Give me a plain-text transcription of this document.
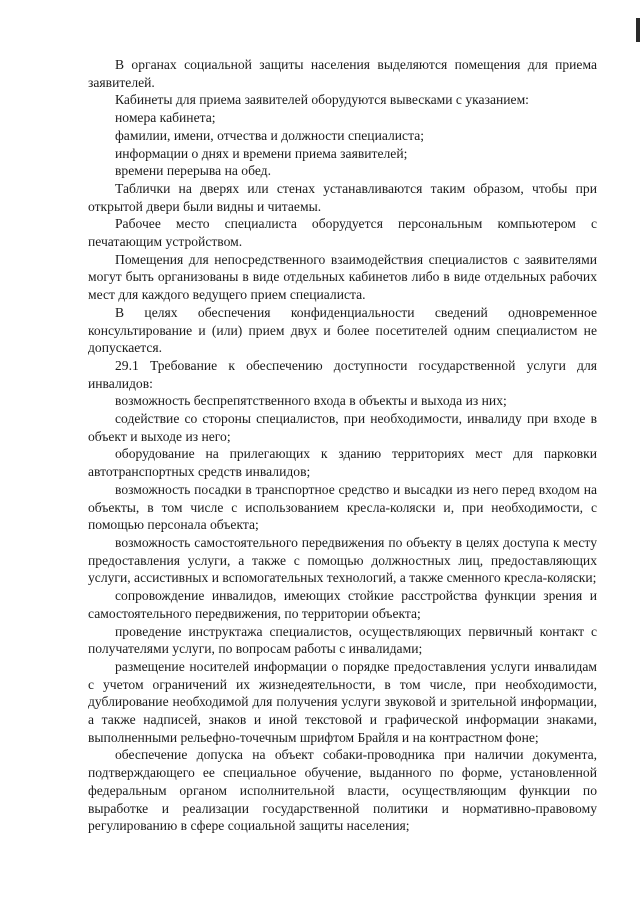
В органах социальной защиты населения выделяются помещения для приема заявителей.

Кабинеты для приема заявителей оборудуются вывесками с указанием:

номера кабинета;

фамилии, имени, отчества и должности специалиста;

информации о днях и времени приема заявителей;

времени перерыва на обед.

Таблички на дверях или стенах устанавливаются таким образом, чтобы при открытой двери были видны и читаемы.

Рабочее место специалиста оборудуется персональным компьютером с печатающим устройством.

Помещения для непосредственного взаимодействия специалистов с заявителями могут быть организованы в виде отдельных кабинетов либо в виде отдельных рабочих мест для каждого ведущего прием специалиста.

В целях обеспечения конфиденциальности сведений одновременное консультирование и (или) прием двух и более посетителей одним специалистом не допускается.

29.1 Требование к обеспечению доступности государственной услуги для инвалидов:

возможность беспрепятственного входа в объекты и выхода из них;

содействие со стороны специалистов, при необходимости, инвалиду при входе в объект и выходе из него;

оборудование на прилегающих к зданию территориях мест для парковки автотранспортных средств инвалидов;

возможность посадки в транспортное средство и высадки из него перед входом на объекты, в том числе с использованием кресла-коляски и, при необходимости, с помощью персонала объекта;

возможность самостоятельного передвижения по объекту в целях доступа к месту предоставления услуги, а также с помощью должностных лиц, предоставляющих услуги, ассистивных и вспомогательных технологий, а также сменного кресла-коляски;

сопровождение инвалидов, имеющих стойкие расстройства функции зрения и самостоятельного передвижения, по территории объекта;

проведение инструктажа специалистов, осуществляющих первичный контакт с получателями услуги, по вопросам работы с инвалидами;

размещение носителей информации о порядке предоставления услуги инвалидам с учетом ограничений их жизнедеятельности, в том числе, при необходимости, дублирование необходимой для получения услуги звуковой и зрительной информации, а также надписей, знаков и иной текстовой и графической информации знаками, выполненными рельефно-точечным шрифтом Брайля и на контрастном фоне;

обеспечение допуска на объект собаки-проводника при наличии документа, подтверждающего ее специальное обучение, выданного по форме, установленной федеральным органом исполнительной власти, осуществляющим функции по выработке и реализации государственной политики и нормативно-правовому регулированию в сфере социальной защиты населения;
